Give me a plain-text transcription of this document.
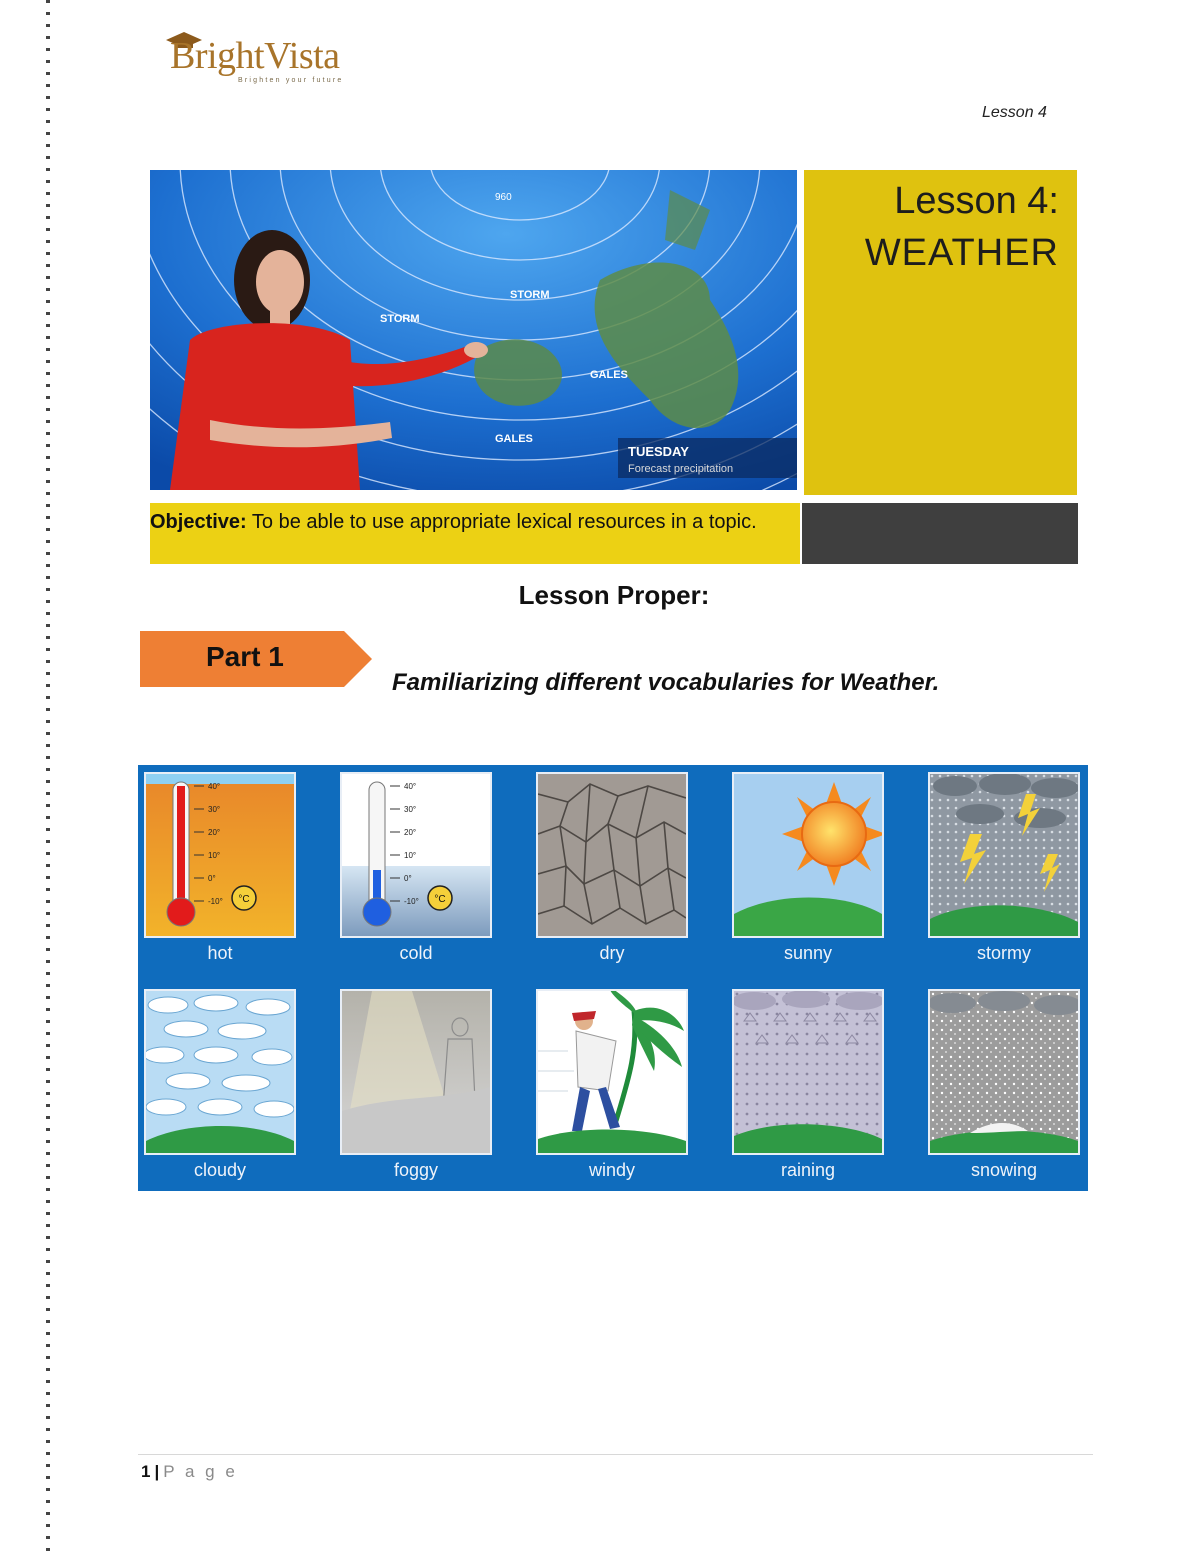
BrightVista
Brighten your future
Lesson 4
960
STORM
STORM
GALES
GALES
TUESDAY
Forecast precipitation
Lesson 4:
WEATHER
Objective: To be able to use appropriate lexical resources in a topic.
Lesson Proper:
Part 1
Familiarizing different vocabularies for Weather.
40°
30°
20°
10°
0°
-10° °C
hot
40°
30°
20°
10°
0°
-10° °C
cold	dry	sunny	stormy
cloudy	foggy	windy	raining	snowing
1 | P a g e
